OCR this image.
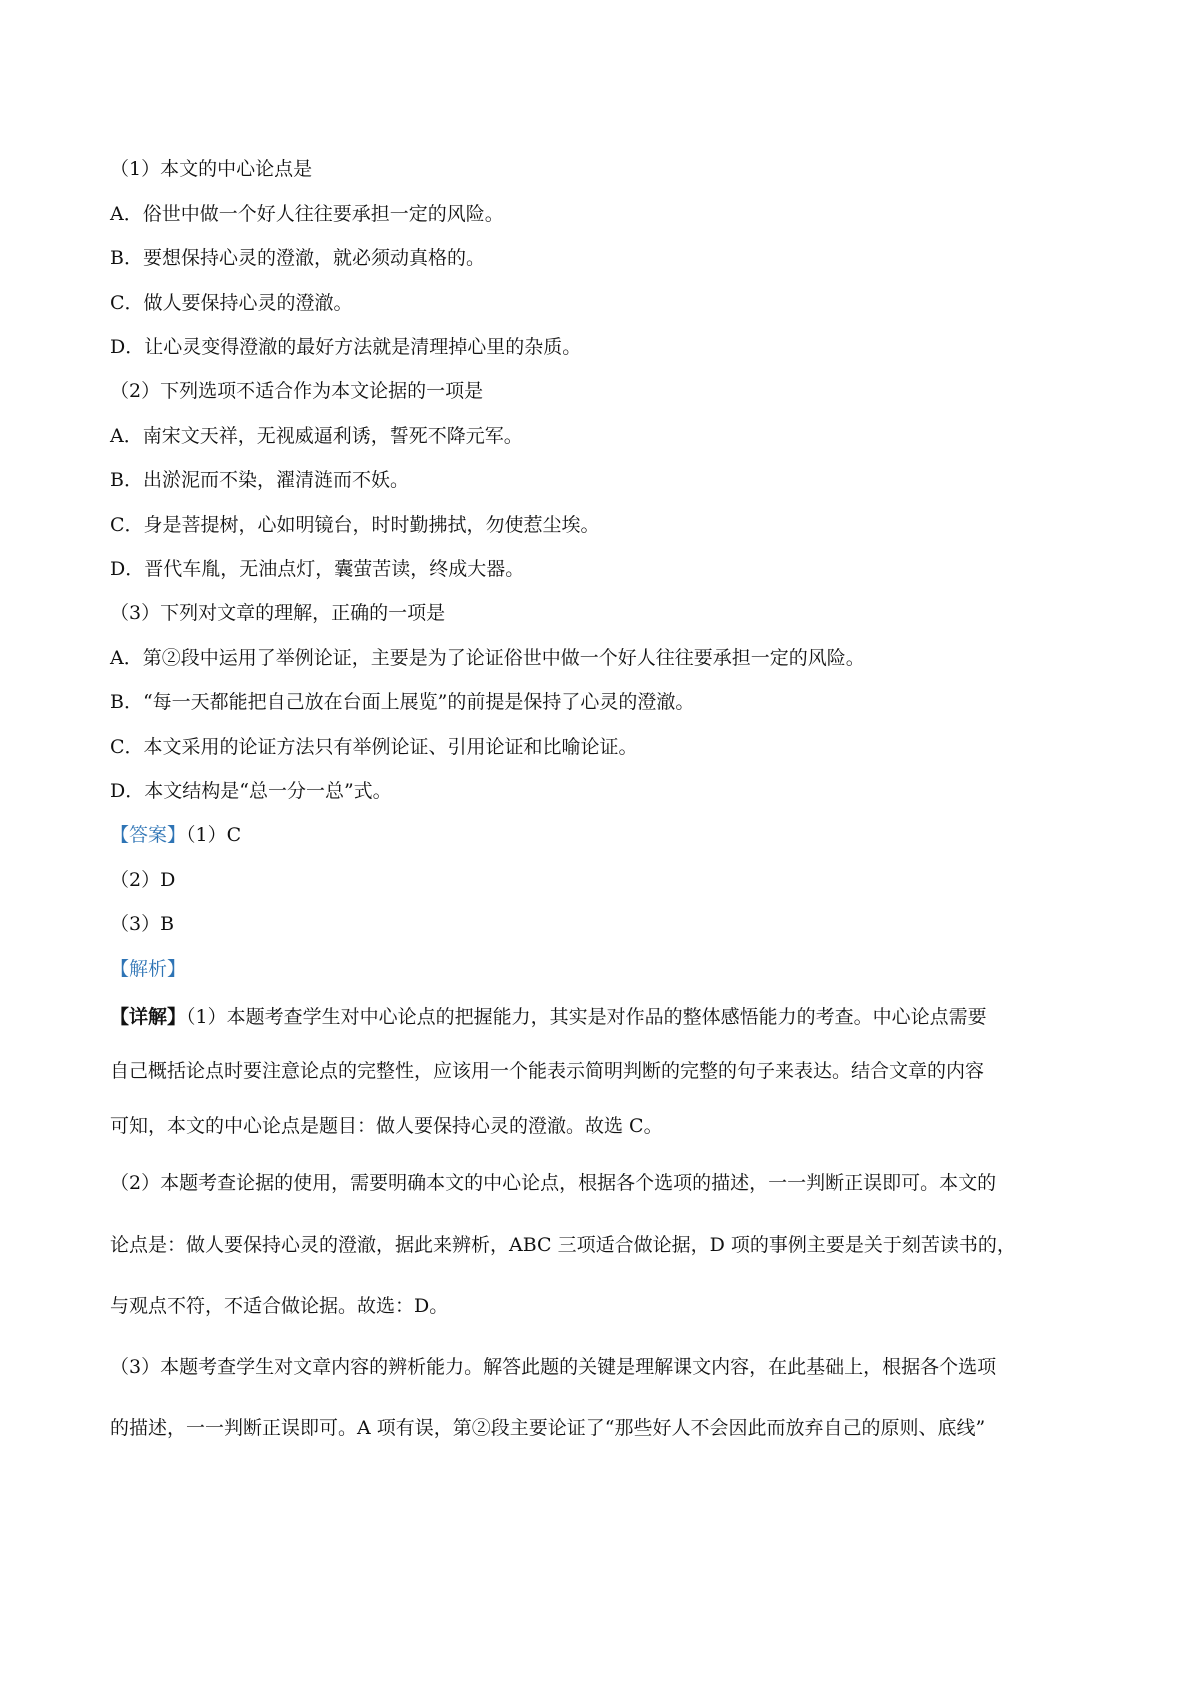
（1）本文的中心论点是
A．俗世中做一个好人往往要承担一定的风险。
B．要想保持心灵的澄澈，就必须动真格的。
C．做人要保持心灵的澄澈。
D．让心灵变得澄澈的最好方法就是清理掉心里的杂质。
（2）下列选项不适合作为本文论据的一项是
A．南宋文天祥，无视威逼利诱，誓死不降元军。
B．出淤泥而不染，濯清涟而不妖。
C．身是菩提树，心如明镜台，时时勤拂拭，勿使惹尘埃。
D．晋代车胤，无油点灯，囊萤苦读，终成大器。
（3）下列对文章的理解，正确的一项是
A．第②段中运用了举例论证，主要是为了论证俗世中做一个好人往往要承担一定的风险。
B．“每一天都能把自己放在台面上展览”的前提是保持了心灵的澄澈。
C．本文采用的论证方法只有举例论证、引用论证和比喻论证。
D．本文结构是“总一分一总”式。
【答案】（1）C
（2）D
（3）B
【解析】
【详解】（1）本题考查学生对中心论点的把握能力，其实是对作品的整体感悟能力的考查。中心论点需要
自己概括论点时要注意论点的完整性，应该用一个能表示简明判断的完整的句子来表达。结合文章的内容
可知，本文的中心论点是题目：做人要保持心灵的澄澈。故选 C。
（2）本题考查论据的使用，需要明确本文的中心论点，根据各个选项的描述，一一判断正误即可。本文的
论点是：做人要保持心灵的澄澈，据此来辨析，ABC 三项适合做论据，D 项的事例主要是关于刻苦读书的，
与观点不符，不适合做论据。故选：D。
（3）本题考查学生对文章内容的辨析能力。解答此题的关键是理解课文内容，在此基础上，根据各个选项
的描述，一一判断正误即可。A 项有误，第②段主要论证了“那些好人不会因此而放弃自己的原则、底线”
